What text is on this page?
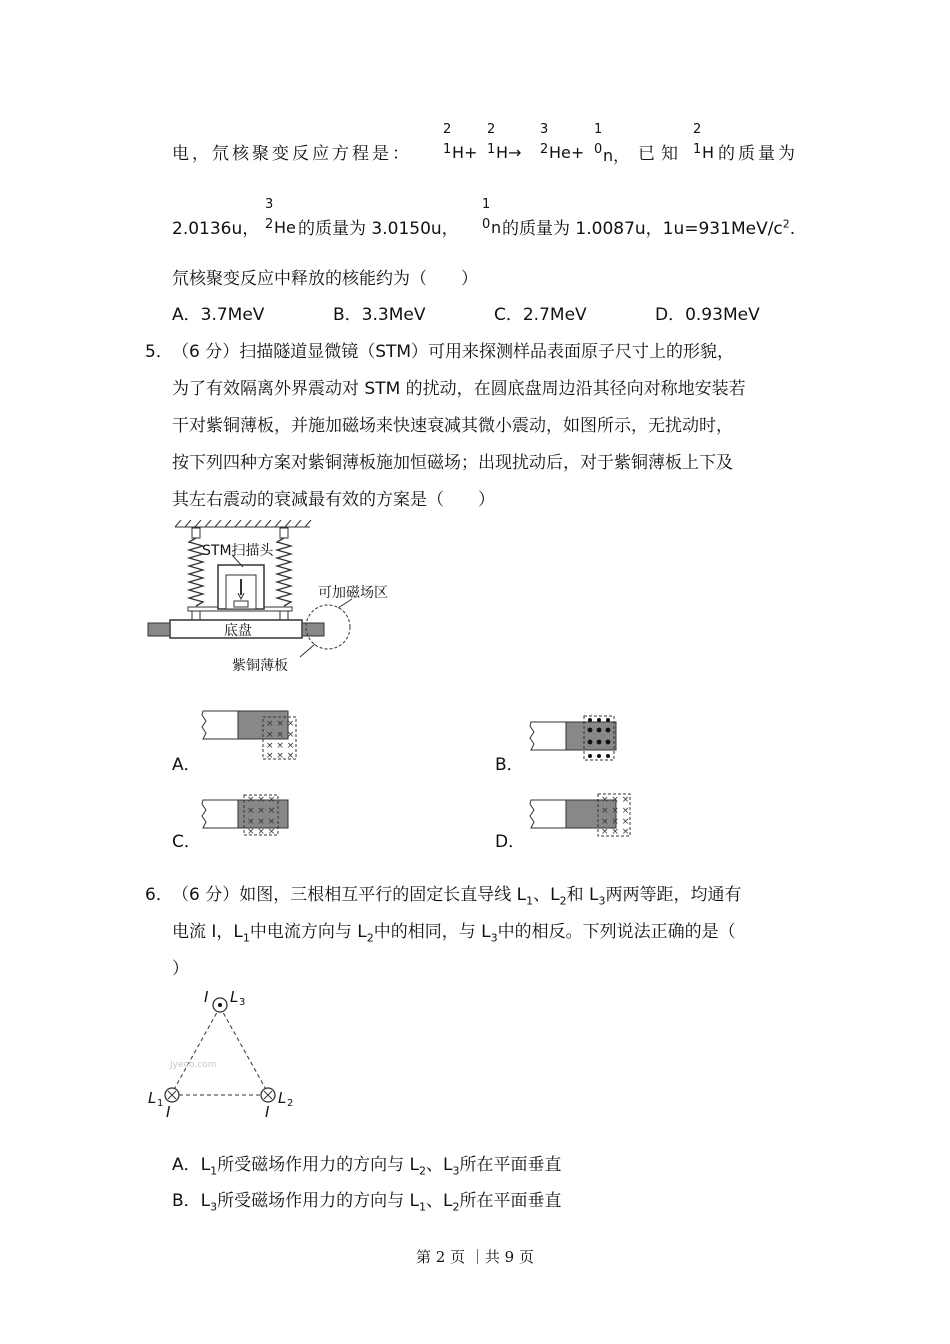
电，氘核聚变反应方程是：
2
1 H+
2
1 H→
3
2 He+
1
0 n， 已知
2
1 H 的质量为
2.0136u，
3
2 He 的质量为 3.0150u，
1
0 n 的质量为 1.0087u，$1u=931MeV/c^2$.
氘核聚变反应中释放的核能约为（　　）
A．3.7MeV	B．3.3MeV	C．2.7MeV	D．0.93MeV
5． （6 分）扫描隧道显微镜（STM）可用来探测样品表面原子尺寸上的形貌，
为了有效隔离外界震动对 STM 的扰动，在圆底盘周边沿其径向对称地安装若
干对紫铜薄板，并施加磁场来快速衰减其微小震动，如图所示，无扰动时，
按下列四种方案对紫铜薄板施加恒磁场；出现扰动后，对于紫铜薄板上下及
其左右震动的衰减最有效的方案是（　　）
STM扫描头
可加磁场区
底盘
紫铜薄板
A．
× × ×
× × ×
× × ×
× × ×	B．
C．
× × ×
× × ×
× × ×
× × ×	D．
× × ×
× × ×
× × ×
× × ×
6． （6 分）如图，三根相互平行的固定长直导线 $L_1$、$L_2$和 $L_3$两两等距，均通有
电流 I，$L_1$中电流方向与 $L_2$中的相同，与 $L_3$中的相反。下列说法正确的是（
）
Jyeoo.com
I L 3
L 1 I
L 2
I
A．$L_1$所受磁场作用力的方向与 $L_2$、$L_3$所在平面垂直
B．$L_3$所受磁场作用力的方向与 $L_1$、$L_2$所在平面垂直
第 2 页 ｜共 9 页
